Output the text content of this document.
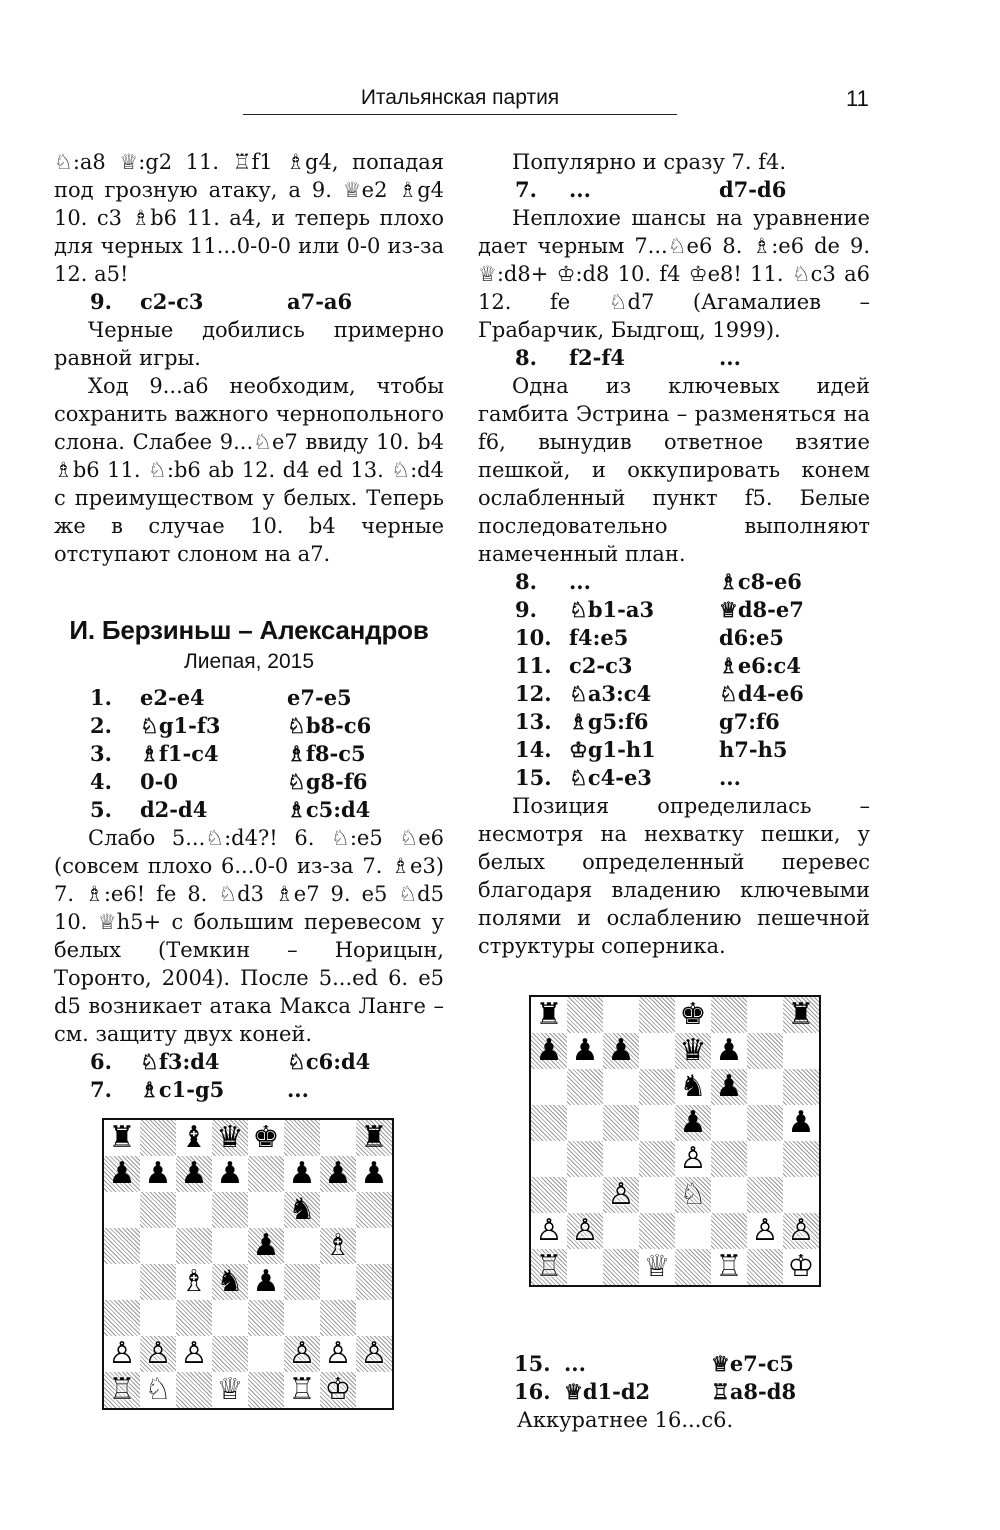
Итальянская партия	11

♘:a8 ♕:g2 11. ♖f1 ♗g4, попадая под грозную атаку, а 9. ♕e2 ♗g4 10. c3 ♗b6 11. a4, и теперь плохо для черных 11...0-0-0 или 0-0 из-за 12. a5!

9.	c2-c3	a7-a6

Черные добились примерно равной игры.

Ход 9...a6 необходим, чтобы сохранить важного чернопольного слона. Слабее 9...♘e7 ввиду 10. b4 ♗b6 11. ♘:b6 ab 12. d4 ed 13. ♘:d4 с преимуществом у белых. Теперь же в случае 10. b4 черные отступают слоном на a7.

И. Берзиньш – Александров
Лиепая, 2015
1.	e2-e4	e7-e5
2.	♘g1-f3	♘b8-c6
3.	♗f1-c4	♗f8-c5
4.	0-0	♘g8-f6
5.	d2-d4	♗c5:d4

Слабо 5...♘:d4?! 6. ♘:e5 ♘e6 (совсем плохо 6...0-0 из-за 7. ♗e3) 7. ♗:e6! fe 8. ♘d3 ♗e7 9. e5 ♘d5 10. ♕h5+ с большим перевесом у белых (Темкин – Норицын, Торонто, 2004). После 5...ed 6. e5 d5 возникает атака Макса Ланге – см. защиту двух коней.

6.	♘f3:d4	♘c6:d4
7.	♗c1-g5	...

Популярно и сразу 7. f4.

7.	...	d7-d6

Неплохие шансы на уравнение дает черным 7...♘e6 8. ♗:e6 de 9. ♕:d8+ ♔:d8 10. f4 ♔e8! 11. ♘c3 a6 12. fe ♘d7 (Агамалиев – Грабарчик, Быдгощ, 1999).

8.	f2-f4	...

Одна из ключевых идей гамбита Эстрина – разменяться на f6, вынудив ответное взятие пешкой, и оккупировать конем ослабленный пункт f5. Белые последовательно выполняют намеченный план.

8.	...	♗c8-e6
9.	♘b1-a3	♕d8-e7
10. f4:e5	d6:e5
11. c2-c3	♗e6:c4
12. ♘a3:c4	♘d4-e6
13. ♗g5:f6	g7:f6
14. ♔g1-h1	h7-h5
15. ♘c4-e3	...

Позиция определилась – несмотря на нехватку пешки, у белых определенный перевес благодаря владению ключевыми полями и ослаблению пешечной структуры соперника.

♜ ♝ ♛ ♚	♜
♟ ♟ ♟ ♟ ♟ ♟ ♟
♞
♟ ♗
♗ ♞ ♟
♙ ♙ ♙	♙ ♙ ♙
♖ ♘ ♕ ♖ ♔
♜	♚	♜
♟ ♟ ♟ ♛ ♟
♞ ♟
♟	♟
♙
♙ ♘
♙ ♙	♙ ♙
♖	♕ ♖ ♔
15. ...	♕e7-c5
16. ♕d1-d2	♖a8-d8
Аккуратнее 16...c6.
